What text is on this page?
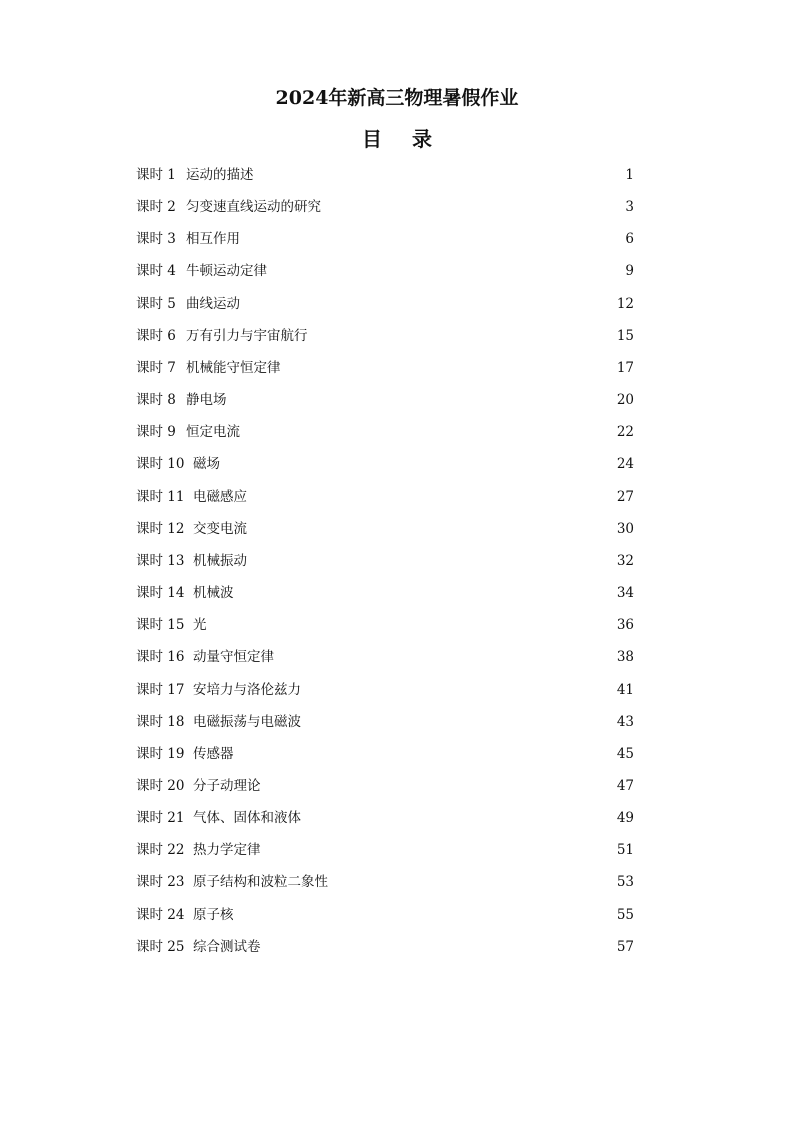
2024年新高三物理暑假作业
目 录
课时 1 运动的描述	1
课时 2 匀变速直线运动的研究	3
课时 3 相互作用	6
课时 4 牛顿运动定律	9
课时 5 曲线运动	12
课时 6 万有引力与宇宙航行	15
课时 7 机械能守恒定律	17
课时 8 静电场	20
课时 9 恒定电流	22
课时 10 磁场	24
课时 11 电磁感应	27
课时 12 交变电流	30
课时 13 机械振动	32
课时 14 机械波	34
课时 15 光	36
课时 16 动量守恒定律	38
课时 17 安培力与洛伦兹力	41
课时 18 电磁振荡与电磁波	43
课时 19 传感器	45
课时 20 分子动理论	47
课时 21 气体、固体和液体	49
课时 22 热力学定律	51
课时 23 原子结构和波粒二象性	53
课时 24 原子核	55
课时 25 综合测试卷	57
